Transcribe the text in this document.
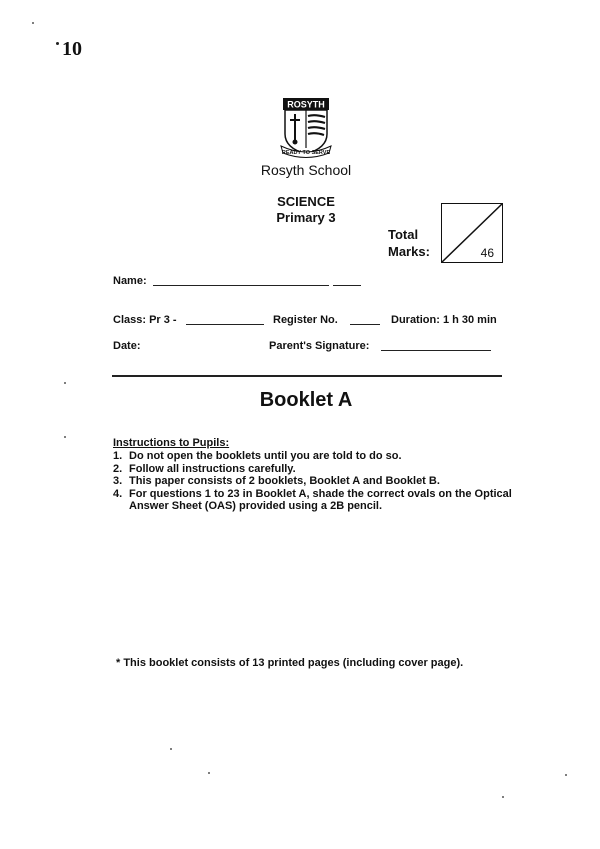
10
ROSYTH
READY TO SERVE
Rosyth School
SCIENCE
Primary 3
Total
Marks:	46
Name:
Class: Pr 3 -	Register No.	Duration: 1 h 30 min
Date:	Parent's Signature:
Booklet A
Instructions to Pupils:
1. Do not open the booklets until you are told to do so.
2. Follow all instructions carefully.
3. This paper consists of 2 booklets, Booklet A and Booklet B.
4. For questions 1 to 23 in Booklet A, shade the correct ovals on the Optical Answer Sheet (OAS) provided using a 2B pencil.
* This booklet consists of 13 printed pages (including cover page).
